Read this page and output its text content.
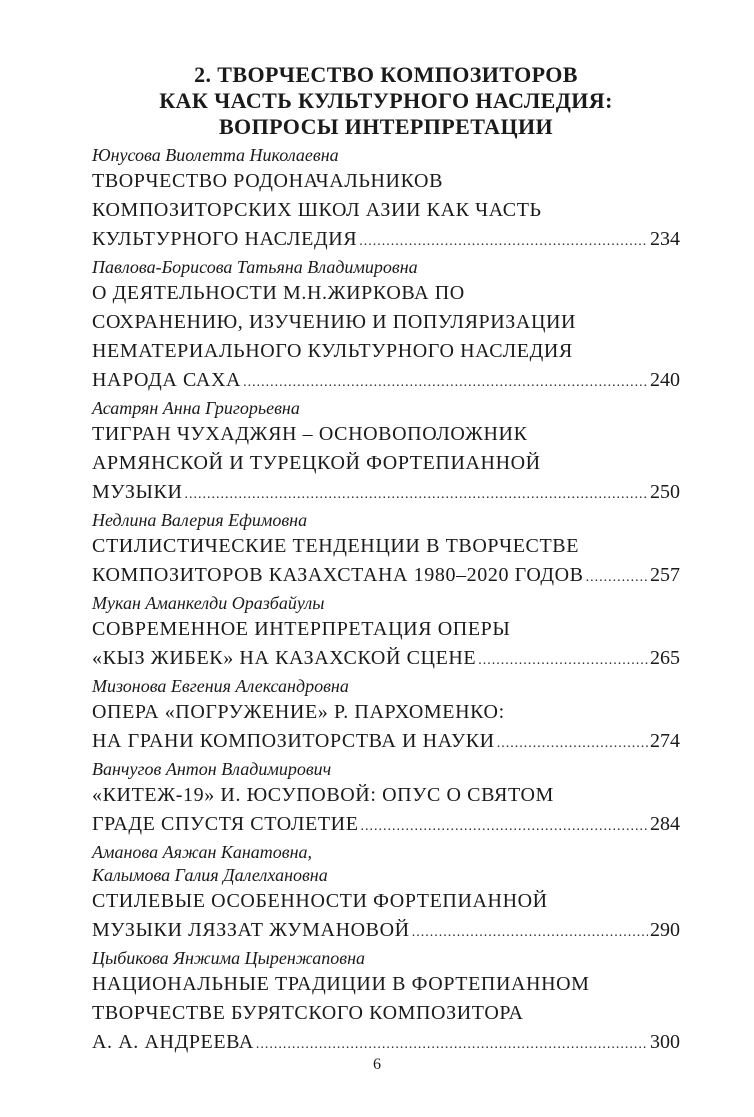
2. ТВОРЧЕСТВО КОМПОЗИТОРОВ
КАК ЧАСТЬ КУЛЬТУРНОГО НАСЛЕДИЯ:
ВОПРОСЫ ИНТЕРПРЕТАЦИИ
Юнусова Виолетта Николаевна
ТВОРЧЕСТВО РОДОНАЧАЛЬНИКОВ
КОМПОЗИТОРСКИХ ШКОЛ АЗИИ КАК ЧАСТЬ
КУЛЬТУРНОГО НАСЛЕДИЯ .....	234
Павлова-Борисова Татьяна Владимировна
О ДЕЯТЕЛЬНОСТИ М.Н.ЖИРКОВА ПО
СОХРАНЕНИЮ, ИЗУЧЕНИЮ И ПОПУЛЯРИЗАЦИИ
НЕМАТЕРИАЛЬНОГО КУЛЬТУРНОГО НАСЛЕДИЯ
НАРОДА САХА .....	240
Асатрян Анна Григорьевна
ТИГРАН ЧУХАДЖЯН – ОСНОВОПОЛОЖНИК
АРМЯНСКОЙ И ТУРЕЦКОЙ ФОРТЕПИАННОЙ
МУЗЫКИ .....	250
Недлина Валерия Ефимовна
СТИЛИСТИЧЕСКИЕ ТЕНДЕНЦИИ В ТВОРЧЕСТВЕ
КОМПОЗИТОРОВ КАЗАХСТАНА 1980–2020 ГОДОВ .....	257
Мукан Аманкелди Оразбайулы
СОВРЕМЕННОЕ ИНТЕРПРЕТАЦИЯ ОПЕРЫ
«КЫЗ ЖИБЕК» НА КАЗАХСКОЙ СЦЕНЕ .....	265
Мизонова Евгения Александровна
ОПЕРА «ПОГРУЖЕНИЕ» Р. ПАРХОМЕНКО:
НА ГРАНИ КОМПОЗИТОРСТВА И НАУКИ .....	274
Ванчугов Антон Владимирович
«КИТЕЖ-19» И. ЮСУПОВОЙ: ОПУС О СВЯТОМ
ГРАДЕ СПУСТЯ СТОЛЕТИЕ .....	284
Аманова Аяжан Канатовна,
Калымова Галия Далелхановна
СТИЛЕВЫЕ ОСОБЕННОСТИ ФОРТЕПИАННОЙ
МУЗЫКИ ЛЯЗЗАТ ЖУМАНОВОЙ .....	290
Цыбикова Янжима Цыренжаповна
НАЦИОНАЛЬНЫЕ ТРАДИЦИИ В ФОРТЕПИАННОМ
ТВОРЧЕСТВЕ БУРЯТСКОГО КОМПОЗИТОРА
А. А. АНДРЕЕВА .....	300
6
